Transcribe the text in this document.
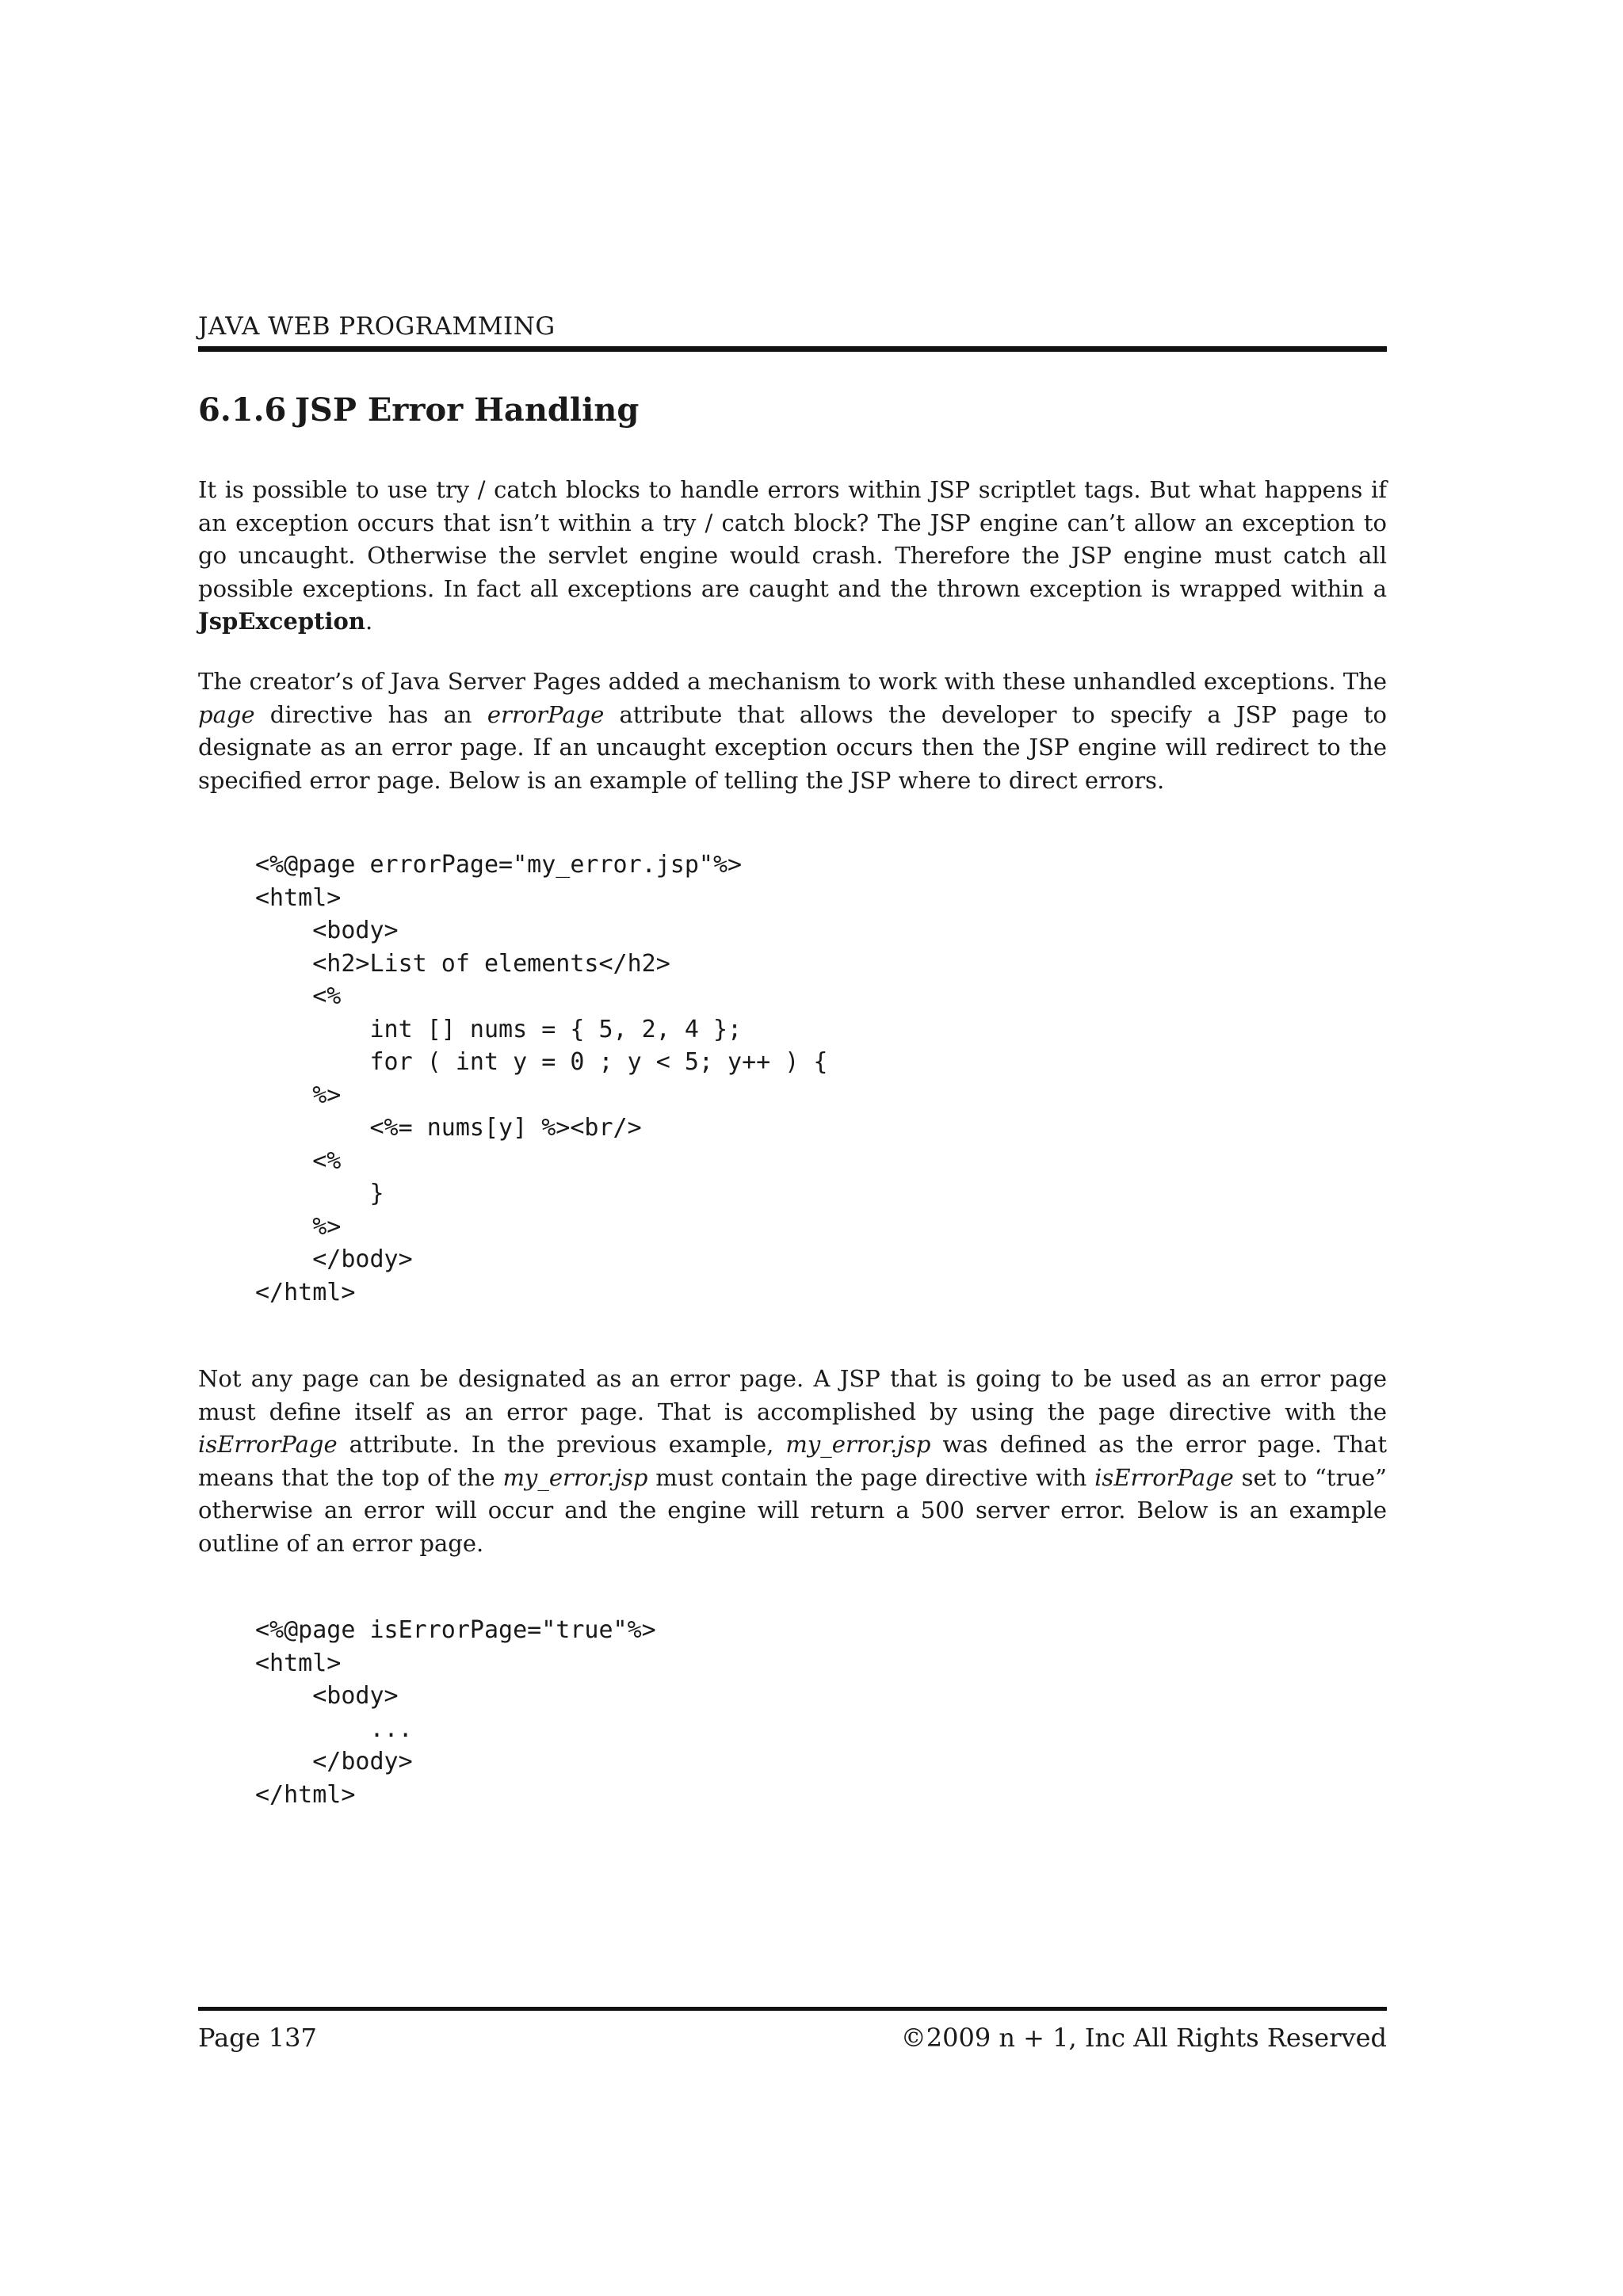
JAVA WEB PROGRAMMING
6.1.6 JSP Error Handling

It is possible to use try / catch blocks to handle errors within JSP scriptlet tags. But what happens if an exception occurs that isn’t within a try / catch block? The JSP engine can’t allow an exception to go uncaught. Otherwise the servlet engine would crash. Therefore the JSP engine must catch all possible exceptions. In fact all exceptions are caught and the thrown exception is wrapped within a JspException.

The creator’s of Java Server Pages added a mechanism to work with these unhandled exceptions. The page directive has an errorPage attribute that allows the developer to specify a JSP page to designate as an error page. If an uncaught exception occurs then the JSP engine will redirect to the specified error page. Below is an example of telling the JSP where to direct errors.

<%@page errorPage="my_error.jsp"%>
<html>
<body>
<h2>List of elements</h2>
<%
int [] nums = { 5, 2, 4 };
for ( int y = 0 ; y < 5; y++ ) {
%>
<%= nums[y] %><br/>
<%
}
%>
</body>
</html>

Not any page can be designated as an error page. A JSP that is going to be used as an error page must define itself as an error page. That is accomplished by using the page directive with the isErrorPage attribute. In the previous example, my_error.jsp was defined as the error page. That means that the top of the my_error.jsp must contain the page directive with isErrorPage set to “true” otherwise an error will occur and the engine will return a 500 server error. Below is an example outline of an error page.

<%@page isErrorPage="true"%>
<html>
<body>
...
</body>
</html>
Page 137	©2009 n + 1, Inc All Rights Reserved
